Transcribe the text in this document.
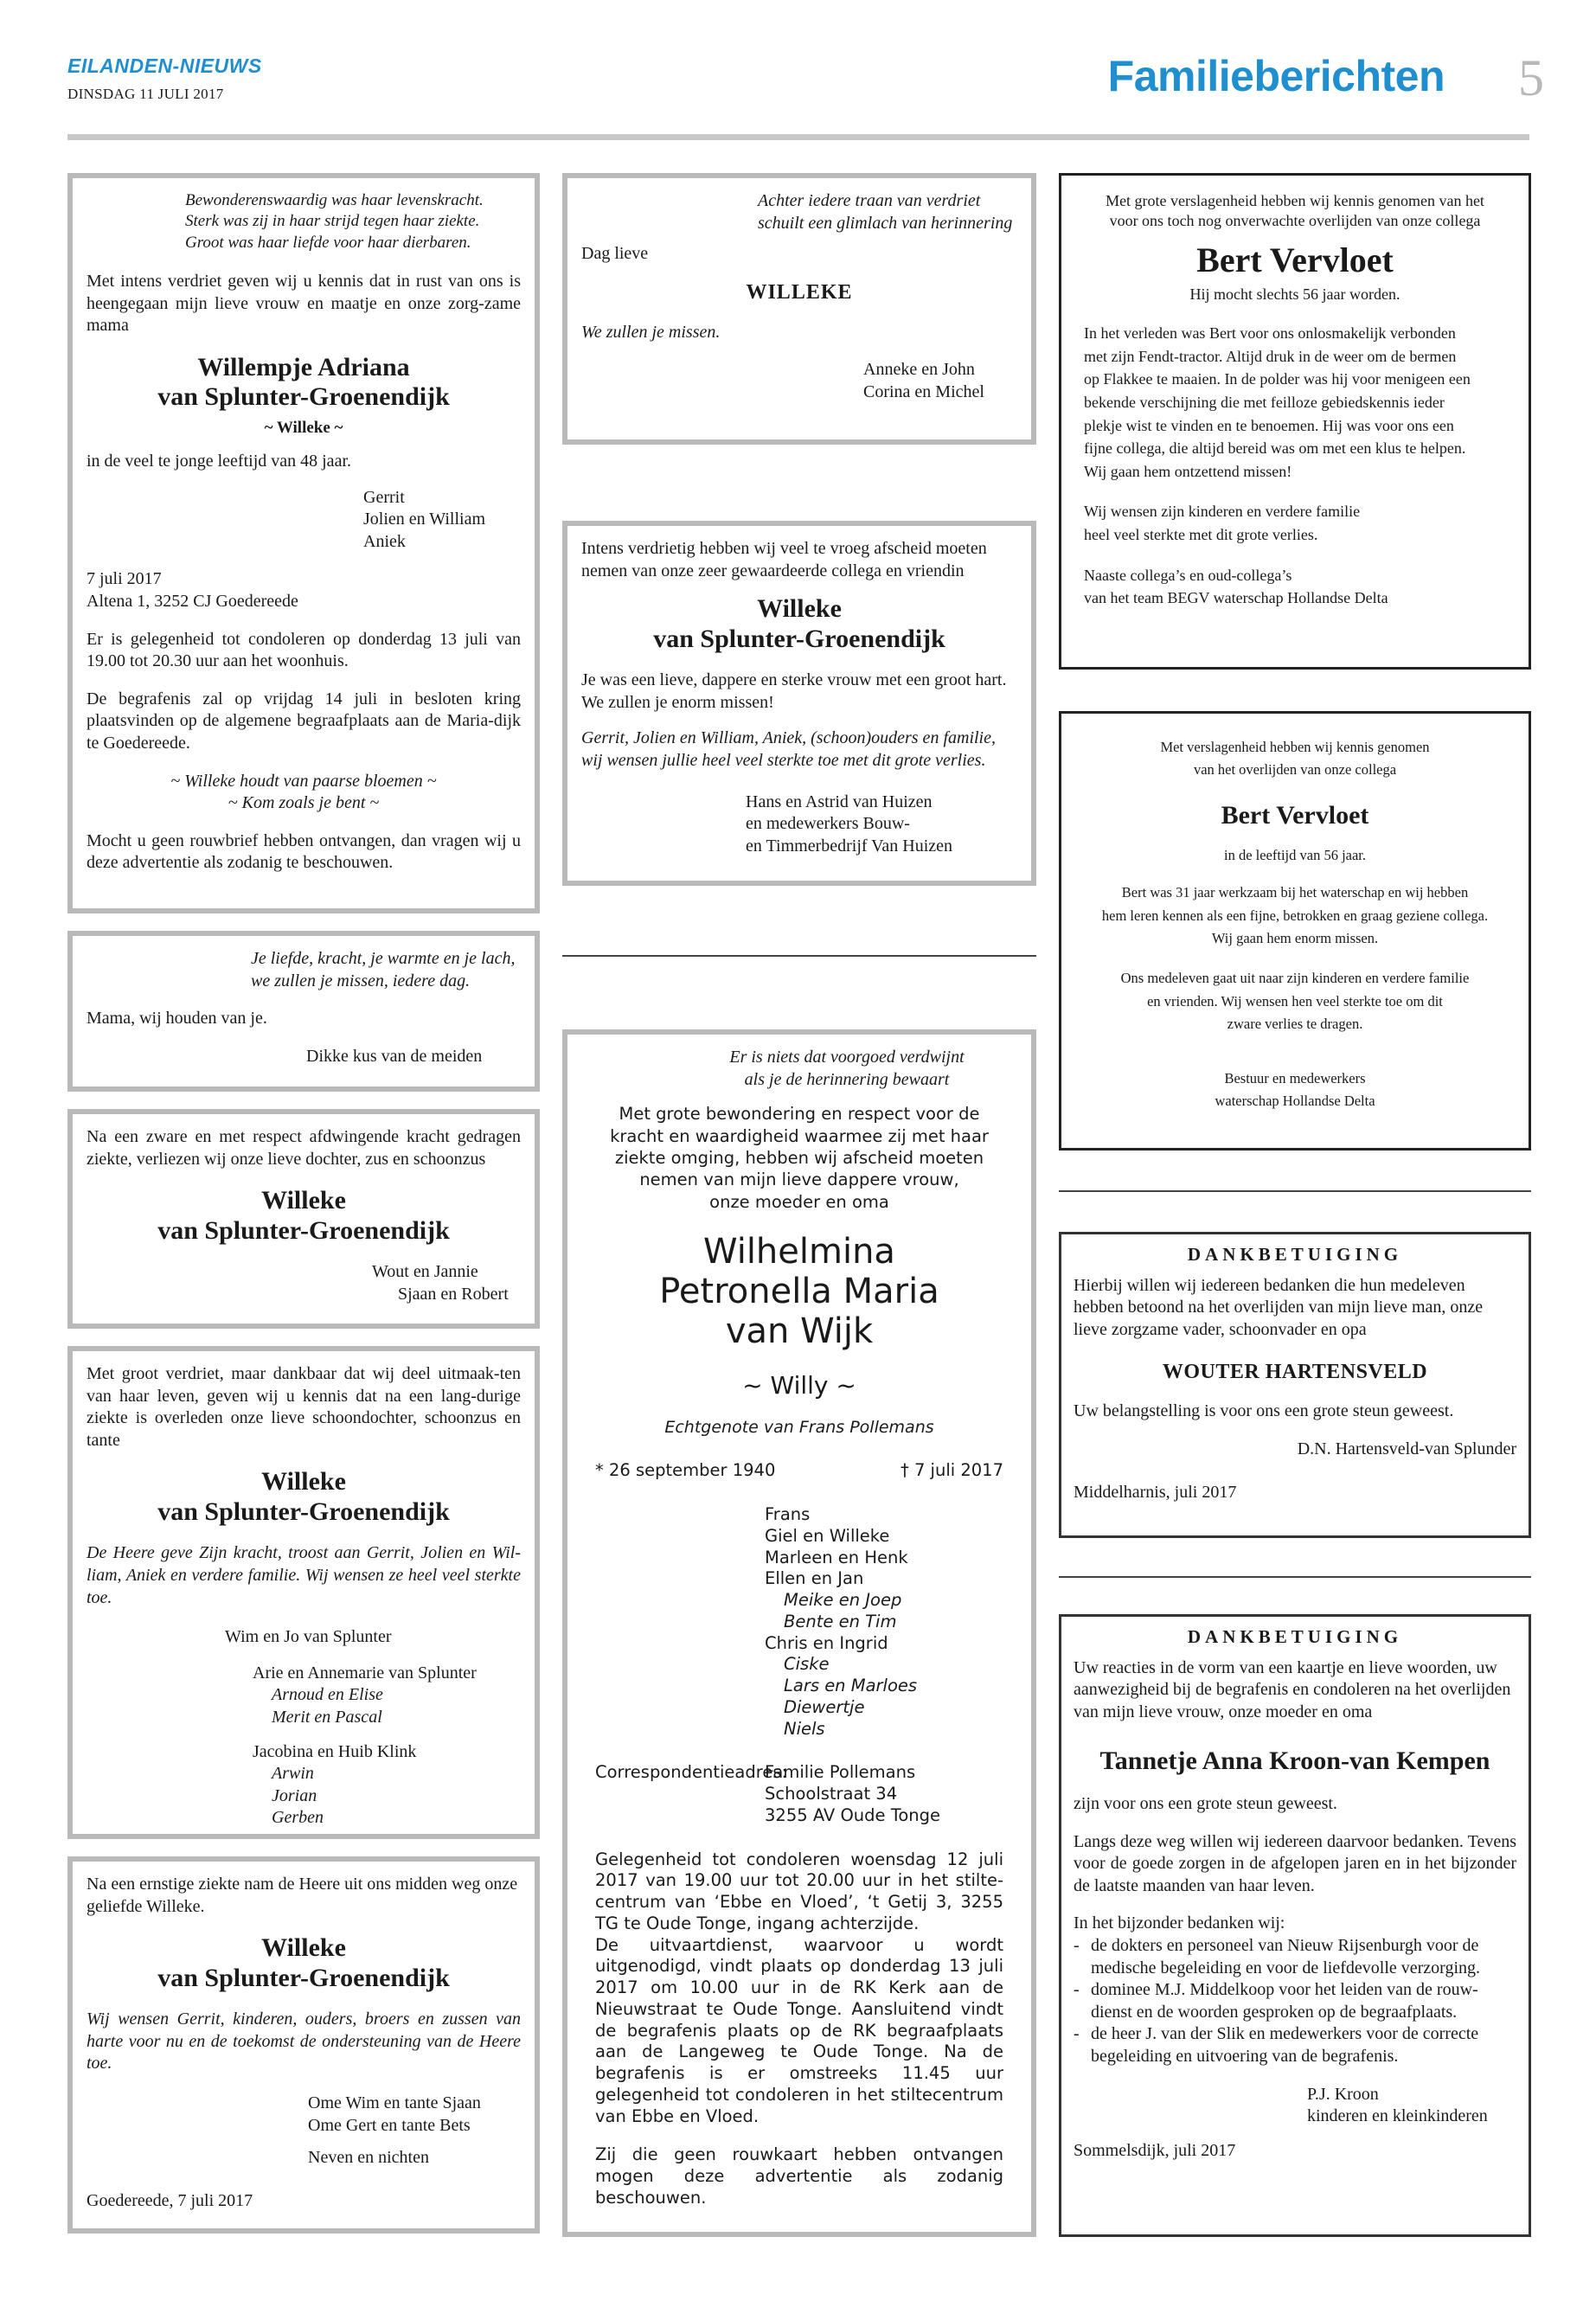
EILANDEN-NIEUWS
DINSDAG 11 JULI 2017	Familieberichten 5
Bewonderenswaardig was haar levenskracht.
Sterk was zij in haar strijd tegen haar ziekte.
Groot was haar liefde voor haar dierbaren.

Met intens verdriet geven wij u kennis dat in rust van ons is heengegaan mijn lieve vrouw en maatje en onze zorg-zame mama

Willempje Adriana
van Splunter-Groenendijk
~ Willeke ~

in de veel te jonge leeftijd van 48 jaar.

Gerrit
Jolien en William
Aniek
7 juli 2017
Altena 1, 3252 CJ Goedereede

Er is gelegenheid tot condoleren op donderdag 13 juli van 19.00 tot 20.30 uur aan het woonhuis.

De begrafenis zal op vrijdag 14 juli in besloten kring plaatsvinden op de algemene begraafplaats aan de Maria-dijk te Goedereede.

~ Willeke houdt van paarse bloemen ~
~ Kom zoals je bent ~

Mocht u geen rouwbrief hebben ontvangen, dan vragen wij u deze advertentie als zodanig te beschouwen.

Je liefde, kracht, je warmte en je lach,
we zullen je missen, iedere dag.

Mama, wij houden van je.

Dikke kus van de meiden

Na een zware en met respect afdwingende kracht gedragen ziekte, verliezen wij onze lieve dochter, zus en schoonzus

Willeke
van Splunter-Groenendijk
Wout en Jannie
Sjaan en Robert

Met groot verdriet, maar dankbaar dat wij deel uitmaak-ten van haar leven, geven wij u kennis dat na een lang-durige ziekte is overleden onze lieve schoondochter, schoonzus en tante

Willeke
van Splunter-Groenendijk

De Heere geve Zijn kracht, troost aan Gerrit, Jolien en Wil-liam, Aniek en verdere familie. Wij wensen ze heel veel sterkte toe.

Wim en Jo van Splunter

Arie en Annemarie van Splunter
Arnoud en Elise
Merit en Pascal
Jacobina en Huib Klink
Arwin
Jorian
Gerben

Na een ernstige ziekte nam de Heere uit ons midden weg onze geliefde Willeke.

Willeke
van Splunter-Groenendijk

Wij wensen Gerrit, kinderen, ouders, broers en zussen van harte voor nu en de toekomst de ondersteuning van de Heere toe.

Ome Wim en tante Sjaan
Ome Gert en tante Bets
Neven en nichten

Goedereede, 7 juli 2017

Achter iedere traan van verdriet
schuilt een glimlach van herinnering

Dag lieve

WILLEKE

We zullen je missen.

Anneke en John
Corina en Michel

Intens verdrietig hebben wij veel te vroeg afscheid moeten nemen van onze zeer gewaardeerde collega en vriendin

Willeke
van Splunter-Groenendijk

Je was een lieve, dappere en sterke vrouw met een groot hart. We zullen je enorm missen!

Gerrit, Jolien en William, Aniek, (schoon)ouders en familie, wij wensen jullie heel veel sterkte toe met dit grote verlies.

Hans en Astrid van Huizen
en medewerkers Bouw-
en Timmerbedrijf Van Huizen
Er is niets dat voorgoed verdwijnt
als je de herinnering bewaart
Met grote bewondering en respect voor de
kracht en waardigheid waarmee zij met haar
ziekte omging, hebben wij afscheid moeten
nemen van mijn lieve dappere vrouw,
onze moeder en oma
Wilhelmina
Petronella Maria
van Wijk
~ Willy ~
Echtgenote van Frans Pollemans
* 26 september 1940	† 7 juli 2017
Frans
Giel en Willeke
Marleen en Henk
Ellen en Jan
Meike en Joep
Bente en Tim
Chris en Ingrid
Ciske
Lars en Marloes
Diewertje
Niels
Correspondentieadres:
Familie Pollemans
Schoolstraat 34
3255 AV Oude Tonge

Gelegenheid tot condoleren woensdag 12 juli 2017 van 19.00 uur tot 20.00 uur in het stilte-centrum van ‘Ebbe en Vloed’, ‘t Getij 3, 3255 TG te Oude Tonge, ingang achterzijde.

De uitvaartdienst, waarvoor u wordt uitgenodigd, vindt plaats op donderdag 13 juli 2017 om 10.00 uur in de RK Kerk aan de Nieuwstraat te Oude Tonge. Aansluitend vindt de begrafenis plaats op de RK begraafplaats aan de Langeweg te Oude Tonge. Na de begrafenis is er omstreeks 11.45 uur gelegenheid tot condoleren in het stiltecentrum van Ebbe en Vloed.

Zij die geen rouwkaart hebben ontvangen mogen deze advertentie als zodanig beschouwen.

Met grote verslagenheid hebben wij kennis genomen van het
voor ons toch nog onverwachte overlijden van onze collega
Bert Vervloet
Hij mocht slechts 56 jaar worden.
In het verleden was Bert voor ons onlosmakelijk verbonden
met zijn Fendt-tractor. Altijd druk in de weer om de bermen
op Flakkee te maaien. In de polder was hij voor menigeen een
bekende verschijning die met feilloze gebiedskennis ieder
plekje wist te vinden en te benoemen. Hij was voor ons een
fijne collega, die altijd bereid was om met een klus te helpen.
Wij gaan hem ontzettend missen!
Wij wensen zijn kinderen en verdere familie
heel veel sterkte met dit grote verlies.
Naaste collega’s en oud-collega’s
van het team BEGV waterschap Hollandse Delta
Met verslagenheid hebben wij kennis genomen
van het overlijden van onze collega
Bert Vervloet
in de leeftijd van 56 jaar.
Bert was 31 jaar werkzaam bij het waterschap en wij hebben
hem leren kennen als een fijne, betrokken en graag geziene collega.
Wij gaan hem enorm missen.
Ons medeleven gaat uit naar zijn kinderen en verdere familie
en vrienden. Wij wensen hen veel sterkte toe om dit
zware verlies te dragen.
Bestuur en medewerkers
waterschap Hollandse Delta
DANKBETUIGING

Hierbij willen wij iedereen bedanken die hun medeleven hebben betoond na het overlijden van mijn lieve man, onze lieve zorgzame vader, schoonvader en opa

WOUTER HARTENSVELD

Uw belangstelling is voor ons een grote steun geweest.

D.N. Hartensveld-van Splunder

Middelharnis, juli 2017

DANKBETUIGING

Uw reacties in de vorm van een kaartje en lieve woorden, uw aanwezigheid bij de begrafenis en condoleren na het overlijden van mijn lieve vrouw, onze moeder en oma

Tannetje Anna Kroon-van Kempen

zijn voor ons een grote steun geweest.

Langs deze weg willen wij iedereen daarvoor bedanken. Tevens voor de goede zorgen in de afgelopen jaren en in het bijzonder de laatste maanden van haar leven.

In het bijzonder bedanken wij:

- de dokters en personeel van Nieuw Rijsenburgh voor de medische begeleiding en voor de liefdevolle verzorging.
- dominee M.J. Middelkoop voor het leiden van de rouw-dienst en de woorden gesproken op de begraafplaats.
- de heer J. van der Slik en medewerkers voor de correcte begeleiding en uitvoering van de begrafenis.
P.J. Kroon
kinderen en kleinkinderen

Sommelsdijk, juli 2017
